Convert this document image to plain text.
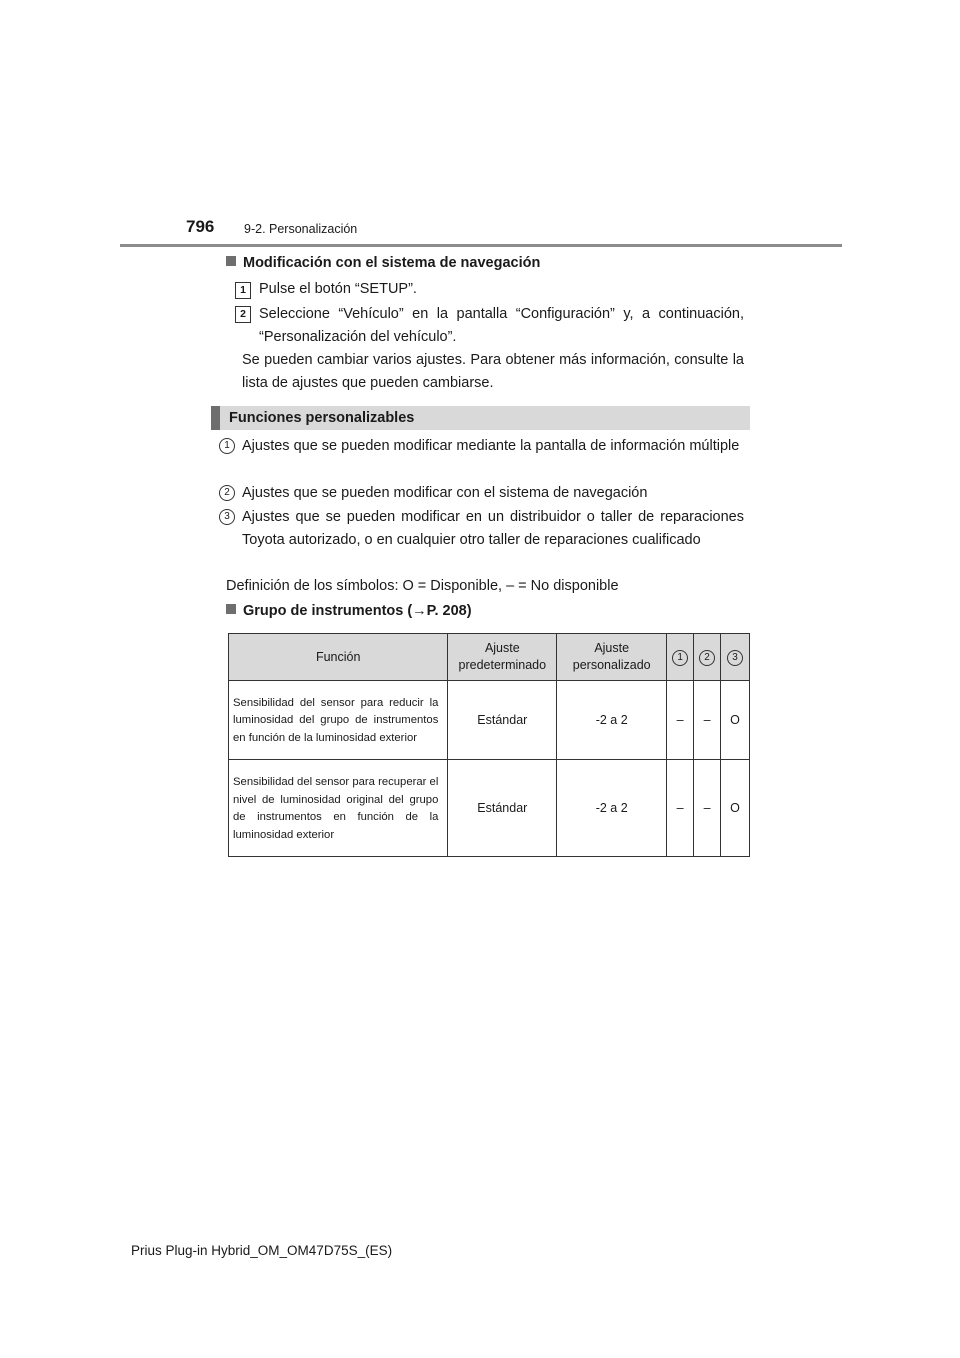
796 9-2. Personalización
Modificación con el sistema de navegación
1 Pulse el botón “SETUP”.
2 Seleccione “Vehículo” en la pantalla “Configuración” y, a continuación, “Personalización del vehículo”.
Se pueden cambiar varios ajustes. Para obtener más información, consulte la lista de ajustes que pueden cambiarse.
Funciones personalizables
1 Ajustes que se pueden modificar mediante la pantalla de información múltiple
2 Ajustes que se pueden modificar con el sistema de navegación
3 Ajustes que se pueden modificar en un distribuidor o taller de reparaciones Toyota autorizado, o en cualquier otro taller de reparaciones cualificado
Definición de los símbolos: O = Disponible, – = No disponible
Grupo de instrumentos (→P. 208)
Función	Ajuste predeterminado	Ajuste personalizado	1	2	3
Sensibilidad del sensor para reducir la luminosidad del grupo de instrumentos en función de la luminosidad exterior	Estándar	-2 a 2	–	–	O
Sensibilidad del sensor para recuperar el nivel de luminosidad original del grupo de instrumentos en función de la luminosidad exterior	Estándar	-2 a 2	–	–	O
Prius Plug-in Hybrid_OM_OM47D75S_(ES)
